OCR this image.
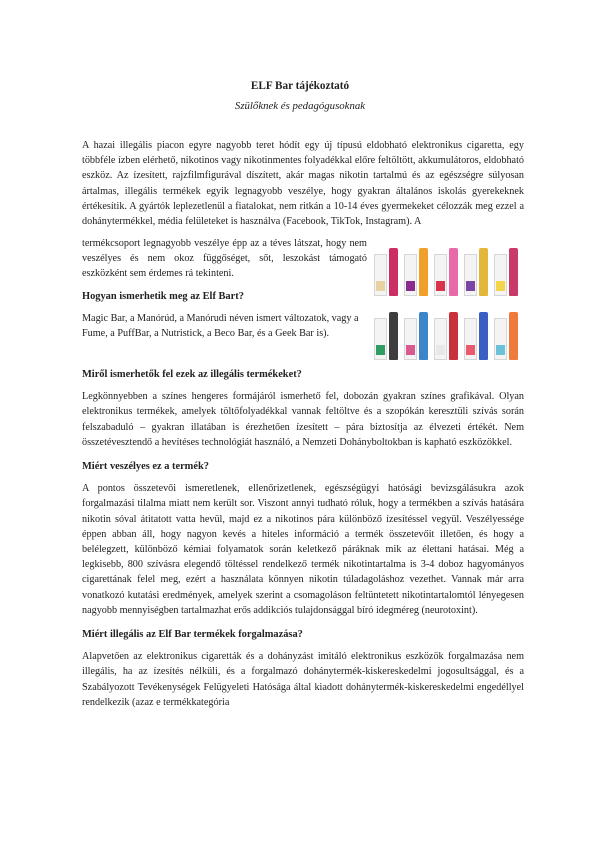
ELF Bar tájékoztató
Szülőknek és pedagógusoknak

A hazai illegális piacon egyre nagyobb teret hódít egy új típusú eldobható elektronikus cigaretta, egy többféle ízben elérhető, nikotinos vagy nikotinmentes folyadékkal előre feltöltött, akkumulátoros, eldobható eszköz. Az ízesített, rajzfilmfigurával díszített, akár magas nikotin tartalmú és az egészségre súlyosan ártalmas, illegális termékek egyik legnagyobb veszélye, hogy gyakran általános iskolás gyerekeknek értékesítik. A gyártók leplezetlenül a fiatalokat, nem ritkán a 10-14 éves gyermekeket célozzák meg ezzel a dohánytermékkel, média felületeket is használva (Facebook, TikTok, Instagram). A

termékcsoport legnagyobb veszélye épp az a téves látszat, hogy nem veszélyes és nem okoz függőséget, sőt, leszokást támogató eszközként sem érdemes rá tekinteni.

Hogyan ismerhetik meg az Elf Bart?

Magic Bar, a Manórúd, a Manórudi néven ismert változatok, vagy a Fume, a PuffBar, a Nutristick, a Beco Bar, és a Geek Bar is).

Miről ismerhetők fel ezek az illegális termékeket?

Legkönnyebben a színes hengeres formájáról ismerhető fel, dobozán gyakran színes grafikával. Olyan elektronikus termékek, amelyek töltőfolyadékkal vannak feltöltve és a szopókán keresztüli szívás során felszabaduló – gyakran illatában is érezhetően ízesített – pára biztosítja az élvezeti értékét. Nem összetévesztendő a hevítéses technológiát használó, a Nemzeti Dohányboltokban is kapható eszközökkel.

Miért veszélyes ez a termék?

A pontos összetevői ismeretlenek, ellenőrizetlenek, egészségügyi hatósági bevizsgálásukra azok forgalmazási tilalma miatt nem került sor. Viszont annyi tudható róluk, hogy a termékben a szívás hatására nikotin sóval átitatott vatta hevül, majd ez a nikotinos pára különböző ízesítéssel vegyül. Veszélyessége éppen abban áll, hogy nagyon kevés a hiteles információ a termék összetevőit illetően, és hogy a belélegzett, különböző kémiai folyamatok során keletkező páráknak mik az élettani hatásai. Még a legkisebb, 800 szívásra elegendő töltéssel rendelkező termék nikotintartalma is 3-4 doboz hagyományos cigarettának felel meg, ezért a használata könnyen nikotin túladagoláshoz vezethet. Vannak már arra vonatkozó kutatási eredmények, amelyek szerint a csomagoláson feltüntetett nikotintartalomtól lényegesen nagyobb mennyiségben tartalmazhat erős addikciós tulajdonsággal bíró idegméreg (neurotoxint).

Miért illegális az Elf Bar termékek forgalmazása?

Alapvetően az elektronikus cigaretták és a dohányzást imitáló elektronikus eszközök forgalmazása nem illegális, ha az ízesítés nélküli, és a forgalmazó dohánytermék-kiskereskedelmi jogosultsággal, és a Szabályozott Tevékenységek Felügyeleti Hatósága által kiadott dohánytermék-kiskereskedelmi engedéllyel rendelkezik (azaz e termékkategória
